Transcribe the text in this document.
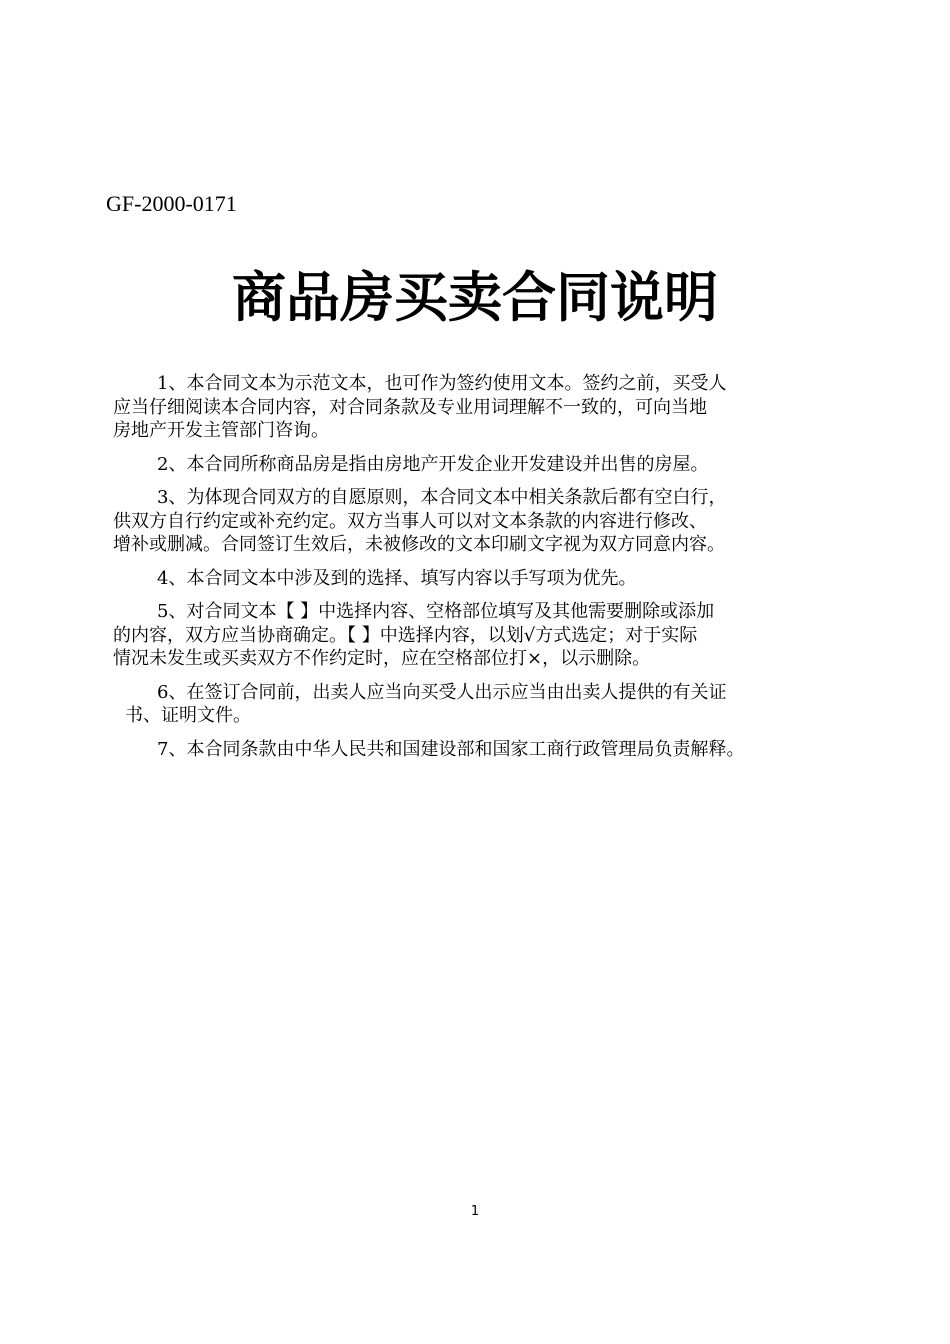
GF-2000-0171
商品房买卖合同说明

1、本合同文本为示范文本，也可作为签约使用文本。签约之前，买受人
应当仔细阅读本合同内容，对合同条款及专业用词理解不一致的，可向当地
房地产开发主管部门咨询。

2、本合同所称商品房是指由房地产开发企业开发建设并出售的房屋。

3、为体现合同双方的自愿原则，本合同文本中相关条款后都有空白行，
供双方自行约定或补充约定。双方当事人可以对文本条款的内容进行修改、
增补或删减。合同签订生效后，未被修改的文本印刷文字视为双方同意内容。

4、本合同文本中涉及到的选择、填写内容以手写项为优先。

5、对合同文本【 】中选择内容、空格部位填写及其他需要删除或添加
的内容，双方应当协商确定。【 】中选择内容，以划√方式选定；对于实际
情况未发生或买卖双方不作约定时，应在空格部位打×，以示删除。

6、在签订合同前，出卖人应当向买受人出示应当由出卖人提供的有关证
书、证明文件。

7、本合同条款由中华人民共和国建设部和国家工商行政管理局负责解释。

1
